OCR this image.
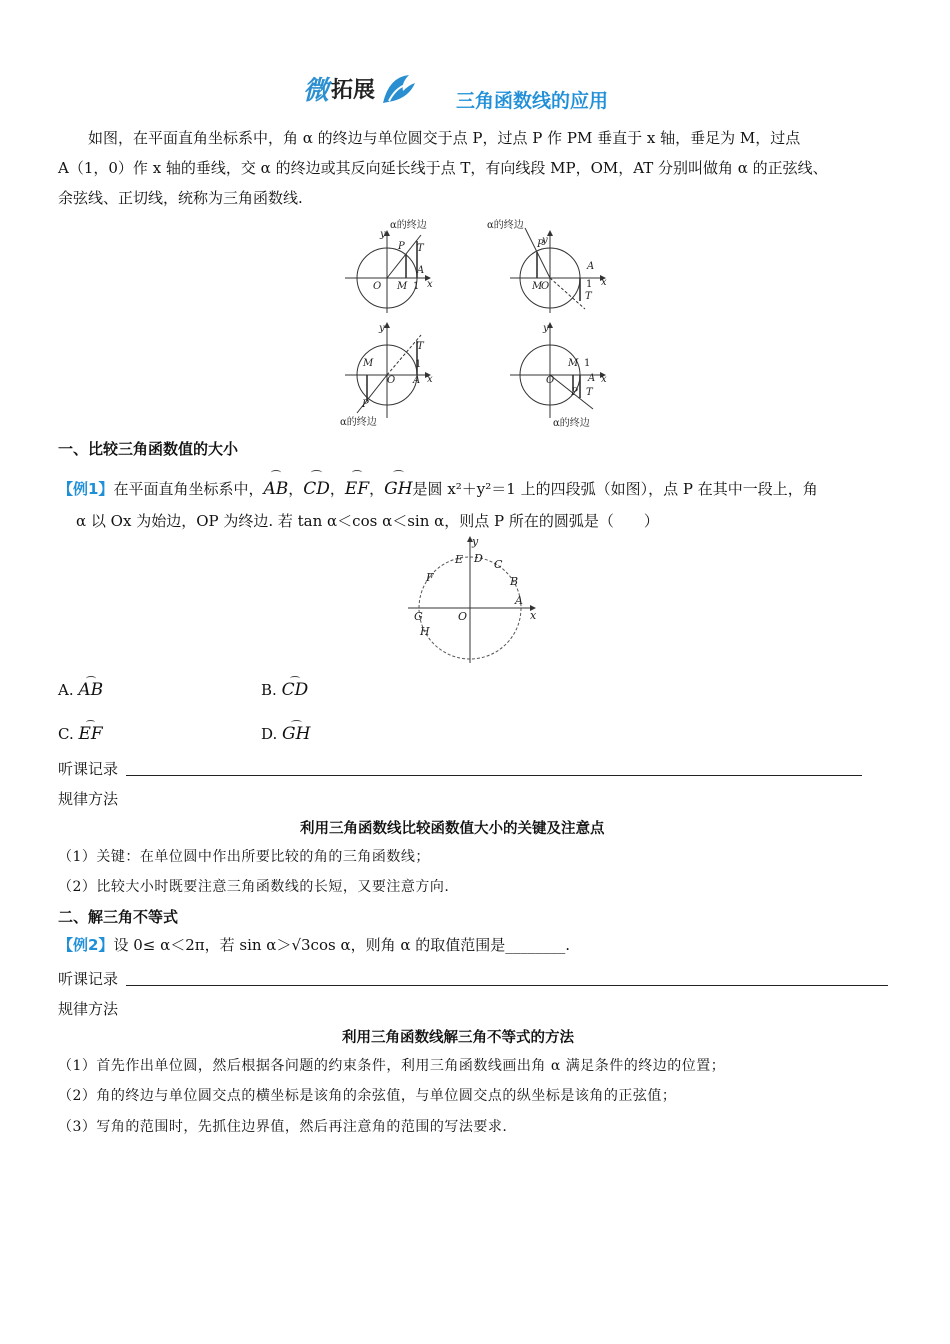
微 拓展	三角函数线的应用
如图，在平面直角坐标系中，角 α 的终边与单位圆交于点 P，过点 P 作 PM 垂直于 x 轴，垂足为 M，过点
A（1，0）作 x 轴的垂线，交 α 的终边或其反向延长线于点 T，有向线段 MP，OM，AT 分别叫做角 α 的正弦线、
余弦线、正切线，统称为三角函数线.
α的终边
y
x
O M
P T
A
1
α的终边
y
x
M
O
P
A
1
T
y
x
T
1
A
M
O
P
α的终边
y
x
M
O
1
A
P T
α的终边
一、比较三角函数值的大小
【例1】在平面直角坐标系中，AB，CD，EF，GH是圆 x²＋y²＝1 上的四段弧（如图），点 P 在其中一段上，角
α 以 Ox 为始边，OP 为终边. 若 tan α＜cos α＜sin α，则点 P 所在的圆弧是（　　）
y
x
E D C
B
A
F
G
H
O
A. AB	B. CD
C. EF	D. GH
听课记录
规律方法
利用三角函数线比较函数值大小的关键及注意点
（1）关键：在单位圆中作出所要比较的角的三角函数线；
（2）比较大小时既要注意三角函数线的长短，又要注意方向.
二、解三角不等式
【例2】设 0≤ α＜2π，若 sin α＞√3cos α，则角 α 的取值范围是________.
听课记录
规律方法
利用三角函数线解三角不等式的方法
（1）首先作出单位圆，然后根据各问题的约束条件，利用三角函数线画出角 α 满足条件的终边的位置；
（2）角的终边与单位圆交点的横坐标是该角的余弦值，与单位圆交点的纵坐标是该角的正弦值；
（3）写角的范围时，先抓住边界值，然后再注意角的范围的写法要求.
